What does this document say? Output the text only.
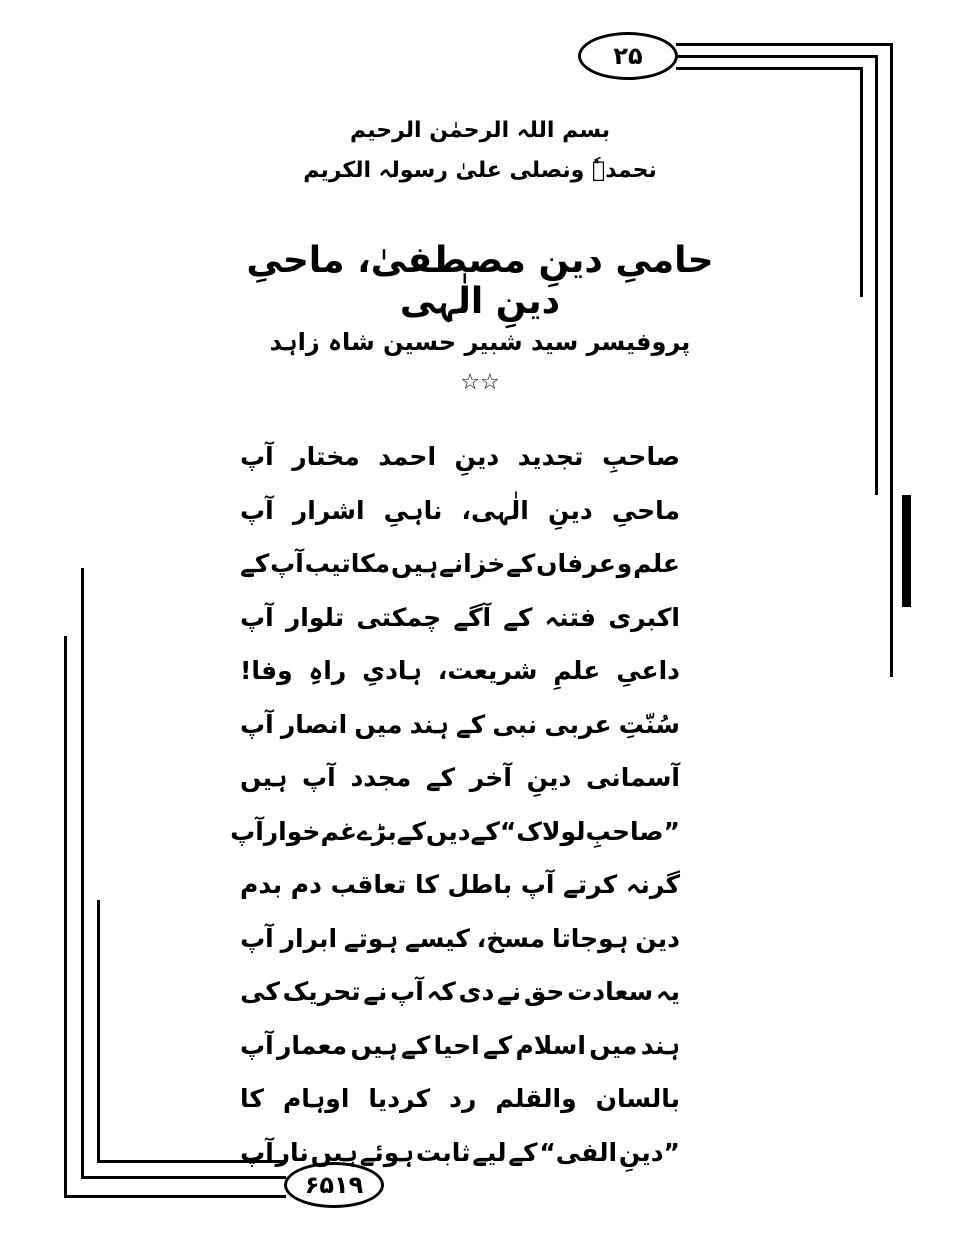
۲۵
۶۵۱۹
بسم اللہ الرحمٰن الرحیم
نحمدہٗ ونصلی علیٰ رسولہ الکریم
حامیِ دینِ مصطفیٰ، ماحیِ دینِ الٰہی
پروفیسر سید شبیر حسین شاہ زاہد
☆☆
صاحبِ
تجدید
دینِ
احمد
مختار
آپ
ماحیِ
دینِ
الٰہی،
ناہیِ
اشرار
آپ
علم
و
عرفاں
کے
خزانے
ہیں
مکاتیب
آپ
کے
اکبری
فتنہ
کے
آگے
چمکتی
تلوار
آپ
داعیِ
علمِ
شریعت،
ہادیِ
راہِ
وفا!
سُنّتِ
عربی
نبی
کے
ہند
میں
انصار
آپ
آسمانی
دینِ
آخر
کے
مجدد
آپ
ہیں
”صاحبِ
لولاک“
کے
دیں
کے
بڑے
غم
خوار
آپ
گرنہ
کرتے
آپ
باطل
کا
تعاقب
دم
بدم
دین
ہوجاتا
مسخ،
کیسے
ہوتے
ابرار
آپ
یہ
سعادت
حق
نے
دی
کہ
آپ
نے
تحریک
کی
ہند
میں
اسلام
کے
احیا
کے
ہیں
معمار
آپ
بالسان
والقلم
رد
کردیا
اوہام
کا
”دینِ
الفی“
کے
لیے
ثابت
ہوئے
ہیں
نار
آپ
